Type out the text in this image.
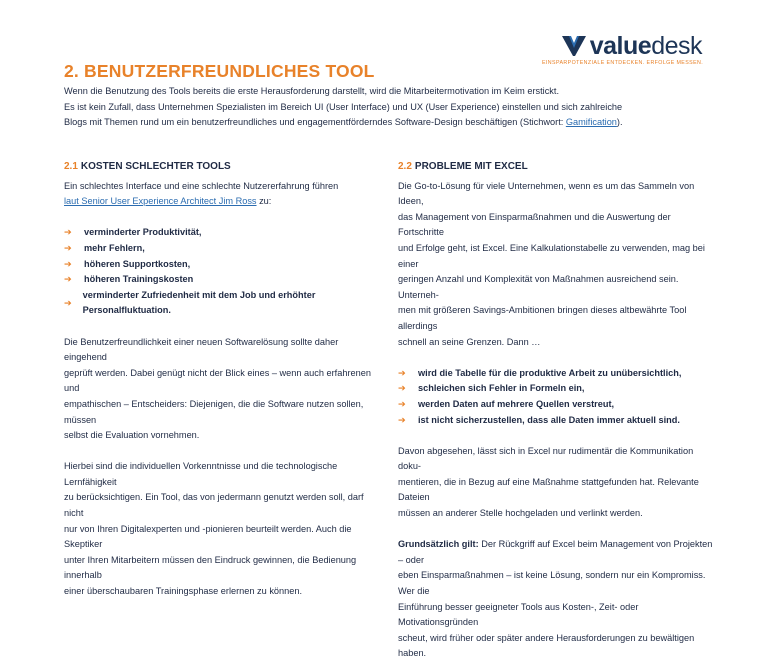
valuedesk
EINSPARPOTENZIALE ENTDECKEN. ERFOLGE MESSEN.
2. BENUTZERFREUNDLICHES TOOL

Wenn die Benutzung des Tools bereits die erste Herausforderung darstellt, wird die Mitarbeitermotivation im Keim erstickt.

Es ist kein Zufall, dass Unternehmen Spezialisten im Bereich UI (User Interface) und UX (User Experience) einstellen und sich zahlreiche

Blogs mit Themen rund um ein benutzerfreundliches und engagementförderndes Software-Design beschäftigen (Stichwort: Gamification).

2.1 KOSTEN SCHLECHTER TOOLS

Ein schlechtes Interface und eine schlechte Nutzererfahrung führen

laut Senior User Experience Architect Jim Ross zu:

➔	verminderter Produktivität,
➔	mehr Fehlern,
➔	höheren Supportkosten,
➔	höheren Trainingskosten
➔
verminderter Zufriedenheit mit dem Job und erhöhter Personalfluktuation.

Die Benutzerfreundlichkeit einer neuen Softwarelösung sollte daher eingehend

geprüft werden. Dabei genügt nicht der Blick eines – wenn auch erfahrenen und

empathischen – Entscheiders: Diejenigen, die die Software nutzen sollen, müssen

selbst die Evaluation vornehmen.

Hierbei sind die individuellen Vorkenntnisse und die technologische Lernfähigkeit

zu berücksichtigen. Ein Tool, das von jedermann genutzt werden soll, darf nicht

nur von Ihren Digitalexperten und -pionieren beurteilt werden. Auch die Skeptiker

unter Ihren Mitarbeitern müssen den Eindruck gewinnen, die Bedienung innerhalb

einer überschaubaren Trainingsphase erlernen zu können.

2.2 PROBLEME MIT EXCEL

Die Go-to-Lösung für viele Unternehmen, wenn es um das Sammeln von Ideen,

das Management von Einsparmaßnahmen und die Auswertung der Fortschritte

und Erfolge geht, ist Excel. Eine Kalkulationstabelle zu verwenden, mag bei einer

geringen Anzahl und Komplexität von Maßnahmen ausreichend sein. Unterneh-

men mit größeren Savings-Ambitionen bringen dieses altbewährte Tool allerdings

schnell an seine Grenzen. Dann …

➔	wird die Tabelle für die produktive Arbeit zu unübersichtlich,
➔	schleichen sich Fehler in Formeln ein,
➔	werden Daten auf mehrere Quellen verstreut,
➔	ist nicht sicherzustellen, dass alle Daten immer aktuell sind.

Davon abgesehen, lässt sich in Excel nur rudimentär die Kommunikation doku-

mentieren, die in Bezug auf eine Maßnahme stattgefunden hat. Relevante Dateien

müssen an anderer Stelle hochgeladen und verlinkt werden.

Grundsätzlich gilt: Der Rückgriff auf Excel beim Management von Projekten – oder

eben Einsparmaßnahmen – ist keine Lösung, sondern nur ein Kompromiss. Wer die

Einführung besser geeigneter Tools aus Kosten-, Zeit- oder Motivationsgründen

scheut, wird früher oder später andere Herausforderungen zu bewältigen haben.
